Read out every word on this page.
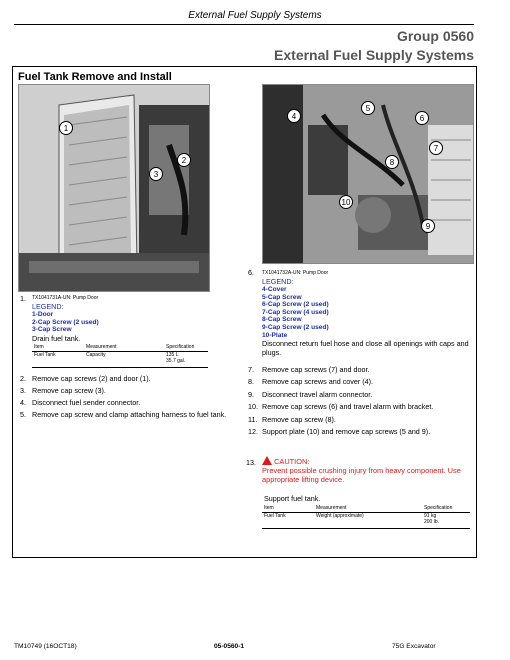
External Fuel Supply Systems
Group 0560
External Fuel Supply Systems
Fuel Tank Remove and Install
1
2
3
4
5
6
7
8
9
10
1. TX1041731A-UN: Pump Door
LEGEND:
1-Door
2-Cap Screw (2 used)
3-Cap Screw
Drain fuel tank.
Item	Measurement	Specification
Fuel Tank	Capacity	135 L
35.7 gal.
2. Remove cap screws (2) and door (1).
3. Remove cap screw (3).
4. Disconnect fuel sender connector.
5. Remove cap screw and clamp attaching harness to fuel tank.
6. TX1041732A-UN: Pump Door
LEGEND:
4-Cover
5-Cap Screw
6-Cap Screw (2 used)
7-Cap Screw (4 used)
8-Cap Screw
9-Cap Screw (2 used)
10-Plate
Disconnect return fuel hose and close all openings with caps and plugs.
7. Remove cap screws (7) and door.
8. Remove cap screws and cover (4).
9. Disconnect travel alarm connector.
10. Remove cap screws (6) and travel alarm with bracket.
11. Remove cap screw (8).
12. Support plate (10) and remove cap screws (5 and 9).
13.	CAUTION:
Prevent possible crushing injury from heavy component. Use appropriate lifting device.
Support fuel tank.
Item	Measurement	Specification
Fuel Tank	Weight (approximate)	91 kg
200 lb.
TM10749 (16OCT18)	05-0560-1	75G Excavator
